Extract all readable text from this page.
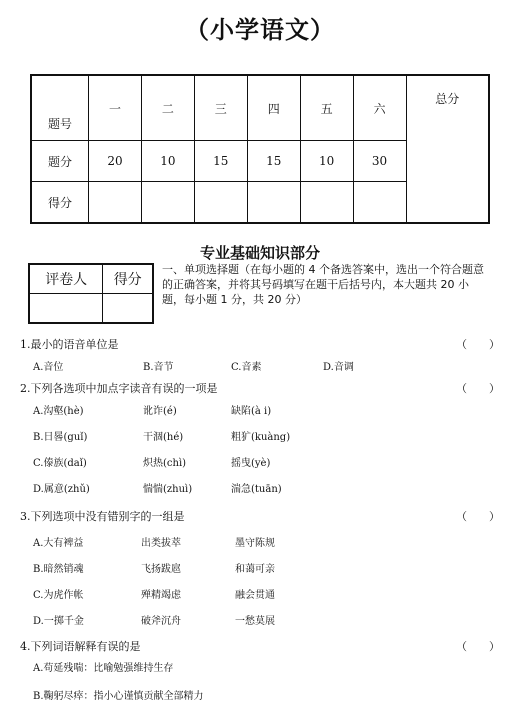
（小学语文）
题号	一	二	三	四	五	六	总分
题分	20	10	15	15	10	30	
得分							
专业基础知识部分
评卷人	得分

一、单项选择题（在每小题的 4 个备选答案中，选出一个符合题意的正确答案，并将其号码填写在题干后括号内，本大题共 20 小 题，每小题 1 分，共 20 分）
1.最小的语音单位是	（　　）
A.音位	B.音节	C.音素	D.音调
2.下列各选项中加点字读音有误的一项是	（　　）
A.沟壑(hè)	讹诈(é)	缺陷(à i)
B.日晷(guǐ)	干涸(hé)	粗犷(kuàng)
C.傣族(daǐ)	炽热(chì)	摇曳(yè)
D.属意(zhǔ)	惴惴(zhuì)	湍急(tuān)
3.下列选项中没有错别字的一组是	（　　）
A.大有裨益	出类拔萃	墨守陈规
B.暗然销魂	飞扬跋扈	和蔼可亲
C.为虎作帐	殚精竭虑	融会贯通
D.一掷千金	破斧沉舟	一愁莫展
4.下列词语解释有误的是	（　　）
A.苟延残喘：比喻勉强维持生存
B.鞠躬尽瘁：指小心谨慎贡献全部精力
